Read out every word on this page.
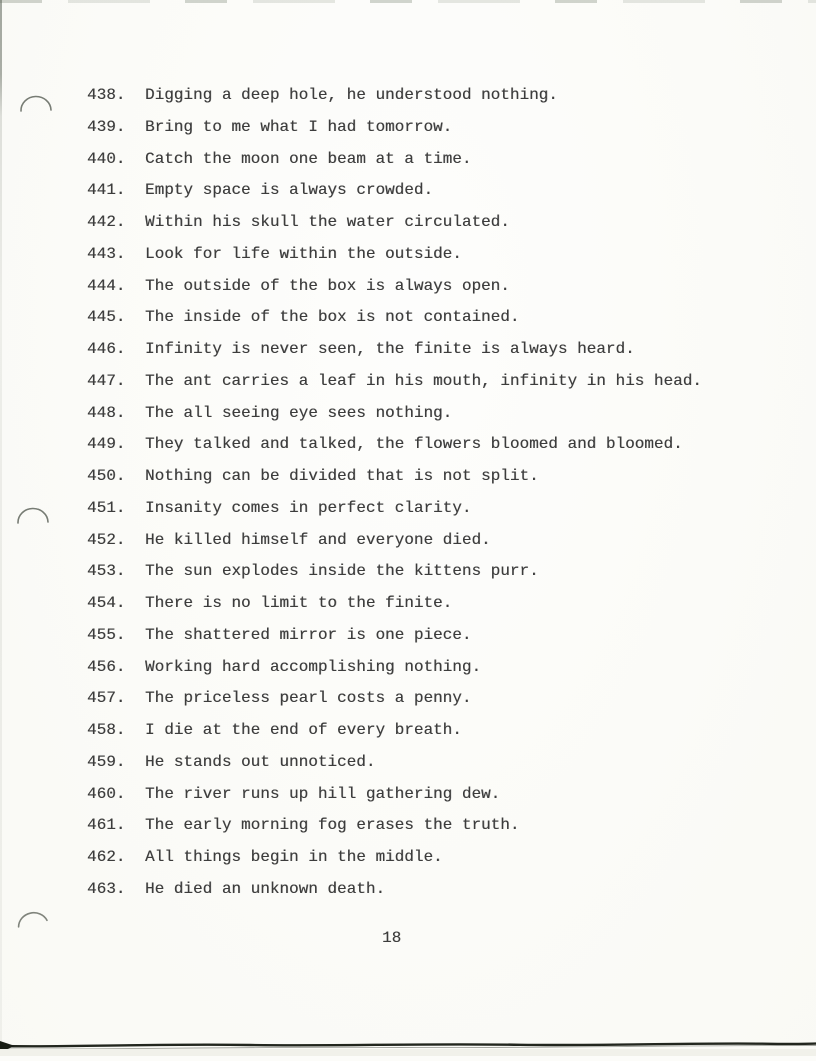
438. Digging a deep hole, he understood nothing.
439. Bring to me what I had tomorrow.
440. Catch the moon one beam at a time.
441. Empty space is always crowded.
442. Within his skull the water circulated.
443. Look for life within the outside.
444. The outside of the box is always open.
445. The inside of the box is not contained.
446. Infinity is never seen, the finite is always heard.
447. The ant carries a leaf in his mouth, infinity in his head.
448. The all seeing eye sees nothing.
449. They talked and talked, the flowers bloomed and bloomed.
450. Nothing can be divided that is not split.
451. Insanity comes in perfect clarity.
452. He killed himself and everyone died.
453. The sun explodes inside the kittens purr.
454. There is no limit to the finite.
455. The shattered mirror is one piece.
456. Working hard accomplishing nothing.
457. The priceless pearl costs a penny.
458. I die at the end of every breath.
459. He stands out unnoticed.
460. The river runs up hill gathering dew.
461. The early morning fog erases the truth.
462. All things begin in the middle.
463. He died an unknown death.
18
